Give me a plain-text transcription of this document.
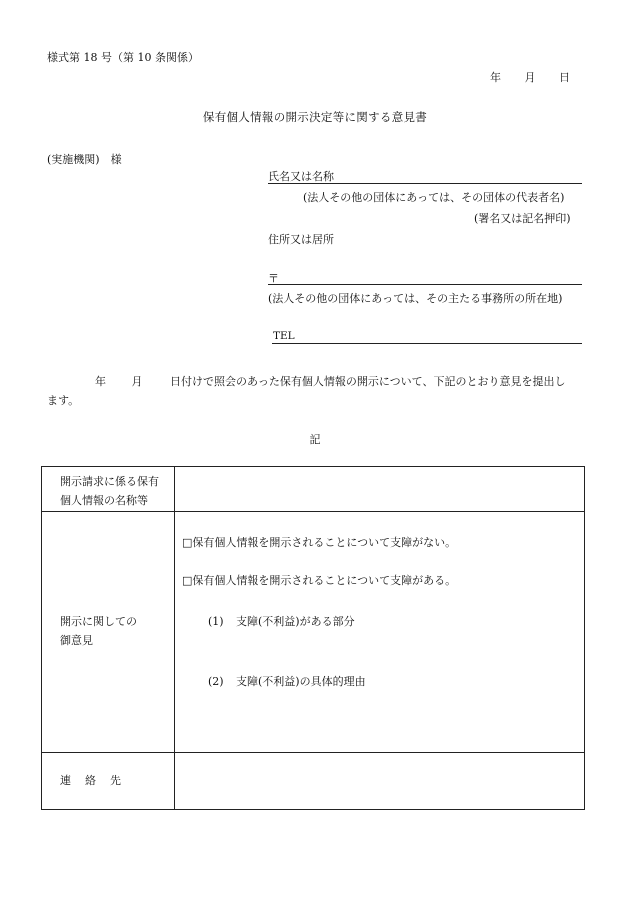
様式第 18 号（第 10 条関係）
年 月 日
保有個人情報の開示決定等に関する意見書
(実施機関)　様
氏名又は名称
(法人その他の団体にあっては、その団体の代表者名)
(署名又は記名押印)
住所又は居所
〒
(法人その他の団体にあっては、その主たる事務所の所在地)
TEL
年 月	日付けで照会のあった保有個人情報の開示について、下記のとおり意見を提出し
ます。
記
開示請求に係る保有
個人情報の名称等
開示に関しての
御意見
□保有個人情報を開示されることについて支障がない。
□保有個人情報を開示されることについて支障がある。
(1) 支障(不利益)がある部分
(2) 支障(不利益)の具体的理由
連 絡 先
